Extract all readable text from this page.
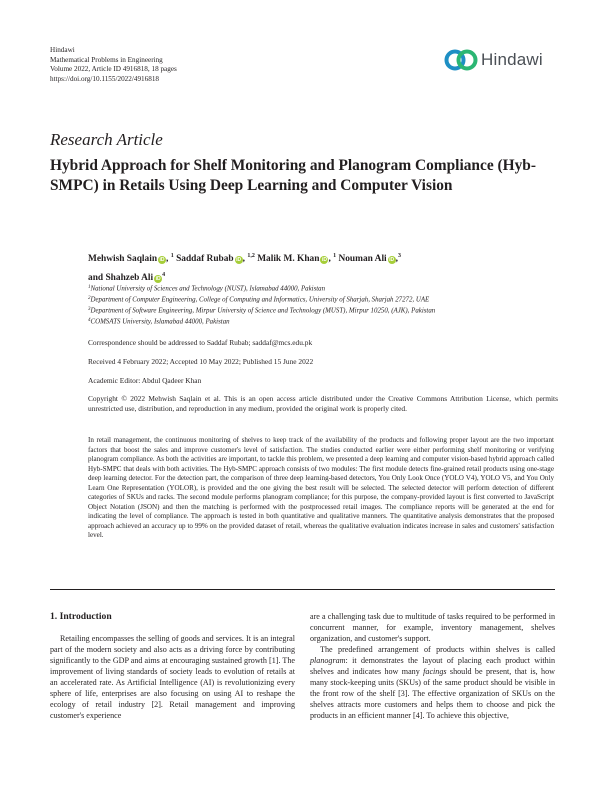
Hindawi
Mathematical Problems in Engineering
Volume 2022, Article ID 4916818, 18 pages
https://doi.org/10.1155/2022/4916818
Hindawi
Research Article
Hybrid Approach for Shelf Monitoring and Planogram Compliance (Hyb-SMPC) in Retails Using Deep Learning and Computer Vision
Mehwish Saqlain iD , $^1$ Saddaf Rubab iD , $^{1,2}$ Malik M. Khan iD , $^1$ Nouman Ali iD ,$^3$
and Shahzeb Ali $iD^4$
$^1$National University of Sciences and Technology (NUST), Islamabad 44000, Pakistan
$^2$Department of Computer Engineering, College of Computing and Informatics, University of Sharjah, Sharjah 27272, UAE
$^3$Department of Software Engineering, Mirpur University of Science and Technology (MUST), Mirpur 10250, (AJK), Pakistan
$^4$COMSATS University, Islamabad 44000, Pakistan
Correspondence should be addressed to Saddaf Rubab; saddaf@mcs.edu.pk
Received 4 February 2022; Accepted 10 May 2022; Published 15 June 2022
Academic Editor: Abdul Qadeer Khan
Copyright © 2022 Mehwish Saqlain et al. This is an open access article distributed under the Creative Commons Attribution License, which permits unrestricted use, distribution, and reproduction in any medium, provided the original work is properly cited.

In retail management, the continuous monitoring of shelves to keep track of the availability of the products and following proper layout are the two important factors that boost the sales and improve customer's level of satisfaction. The studies conducted earlier were either performing shelf monitoring or verifying planogram compliance. As both the activities are important, to tackle this problem, we presented a deep learning and computer vision-based hybrid approach called Hyb-SMPC that deals with both activities. The Hyb-SMPC approach consists of two modules: The first module detects fine-grained retail products using one-stage deep learning detector. For the detection part, the comparison of three deep learning-based detectors, You Only Look Once (YOLO V4), YOLO V5, and You Only Learn One Representation (YOLOR), is provided and the one giving the best result will be selected. The selected detector will perform detection of different categories of SKUs and racks. The second module performs planogram compliance; for this purpose, the company-provided layout is first converted to JavaScript Object Notation (JSON) and then the matching is performed with the postprocessed retail images. The compliance reports will be generated at the end for indicating the level of compliance. The approach is tested in both quantitative and qualitative manners. The quantitative analysis demonstrates that the proposed approach achieved an accuracy up to 99% on the provided dataset of retail, whereas the qualitative evaluation indicates increase in sales and customers' satisfaction level.

1. Introduction

Retailing encompasses the selling of goods and services. It is an integral part of the modern society and also acts as a driving force by contributing significantly to the GDP and aims at encouraging sustained growth [1]. The improvement of living standards of society leads to evolution of retails at an accelerated rate. As Artificial Intelligence (AI) is revolutionizing every sphere of life, enterprises are also focusing on using AI to reshape the ecology of retail industry [2]. Retail management and improving customer's experience

are a challenging task due to multitude of tasks required to be performed in concurrent manner, for example, inventory management, shelves organization, and customer's support.

The predefined arrangement of products within shelves is called planogram: it demonstrates the layout of placing each product within shelves and indicates how many facings should be present, that is, how many stock-keeping units (SKUs) of the same product should be visible in the front row of the shelf [3]. The effective organization of SKUs on the shelves attracts more customers and helps them to choose and pick the products in an efficient manner [4]. To achieve this objective,
